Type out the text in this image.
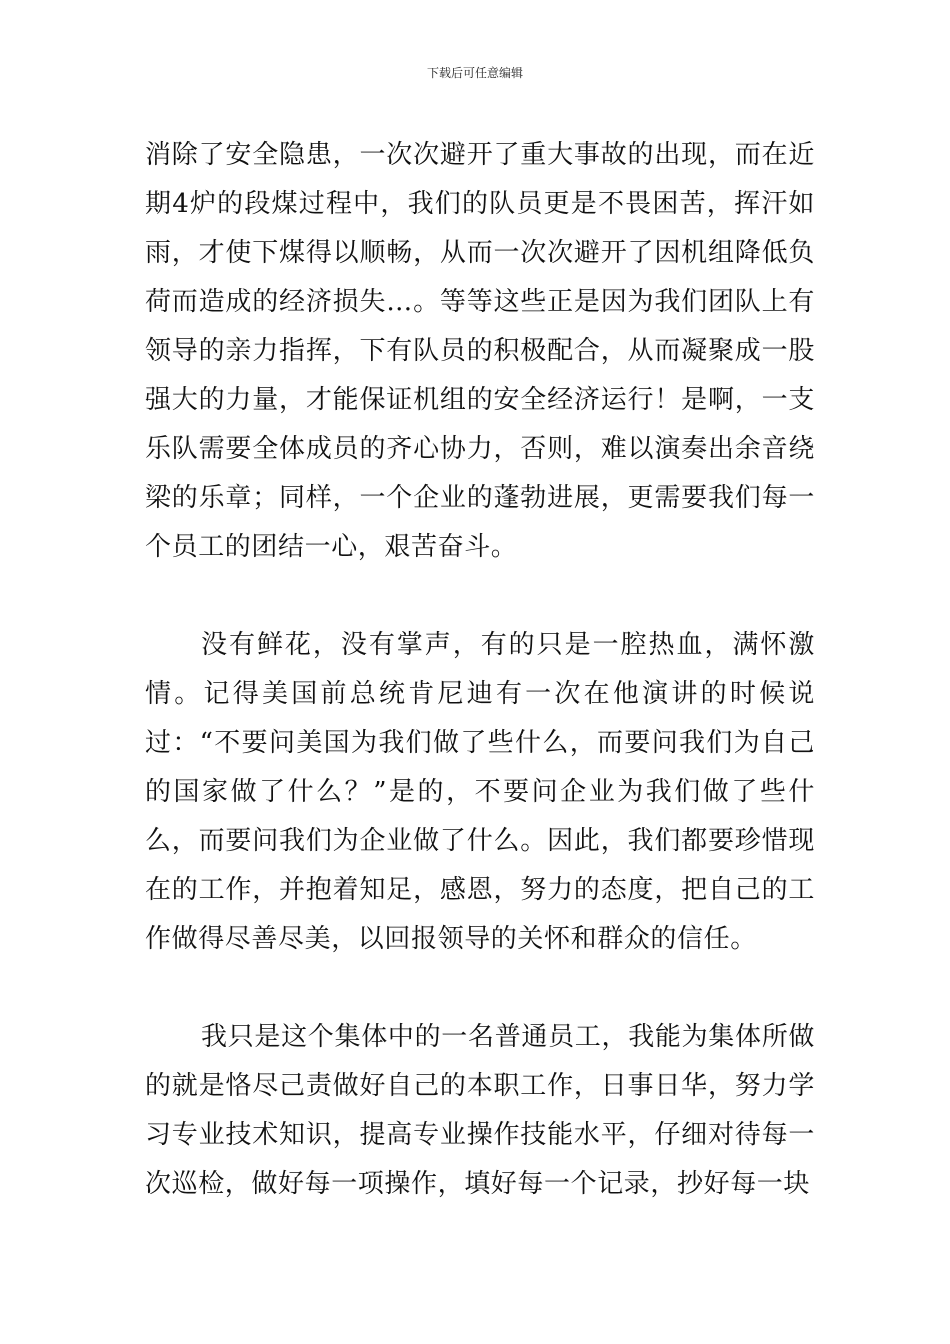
下载后可任意编辑

消除了安全隐患，一次次避开了重大事故的出现，而在近期4炉的段煤过程中，我们的队员更是不畏困苦，挥汗如雨，才使下煤得以顺畅，从而一次次避开了因机组降低负荷而造成的经济损失…。等等这些正是因为我们团队上有领导的亲力指挥，下有队员的积极配合，从而凝聚成一股强大的力量，才能保证机组的安全经济运行！是啊，一支乐队需要全体成员的齐心协力，否则，难以演奏出余音绕梁的乐章；同样，一个企业的蓬勃进展，更需要我们每一个员工的团结一心，艰苦奋斗。

没有鲜花，没有掌声，有的只是一腔热血，满怀激情。记得美国前总统肯尼迪有一次在他演讲的时候说过：“不要问美国为我们做了些什么，而要问我们为自己的国家做了什么？”是的，不要问企业为我们做了些什么，而要问我们为企业做了什么。因此，我们都要珍惜现在的工作，并抱着知足，感恩，努力的态度，把自己的工作做得尽善尽美，以回报领导的关怀和群众的信任。

我只是这个集体中的一名普通员工，我能为集体所做的就是恪尽己责做好自己的本职工作，日事日华，努力学习专业技术知识，提高专业操作技能水平，仔细对待每一次巡检，做好每一项操作，填好每一个记录，抄好每一块
